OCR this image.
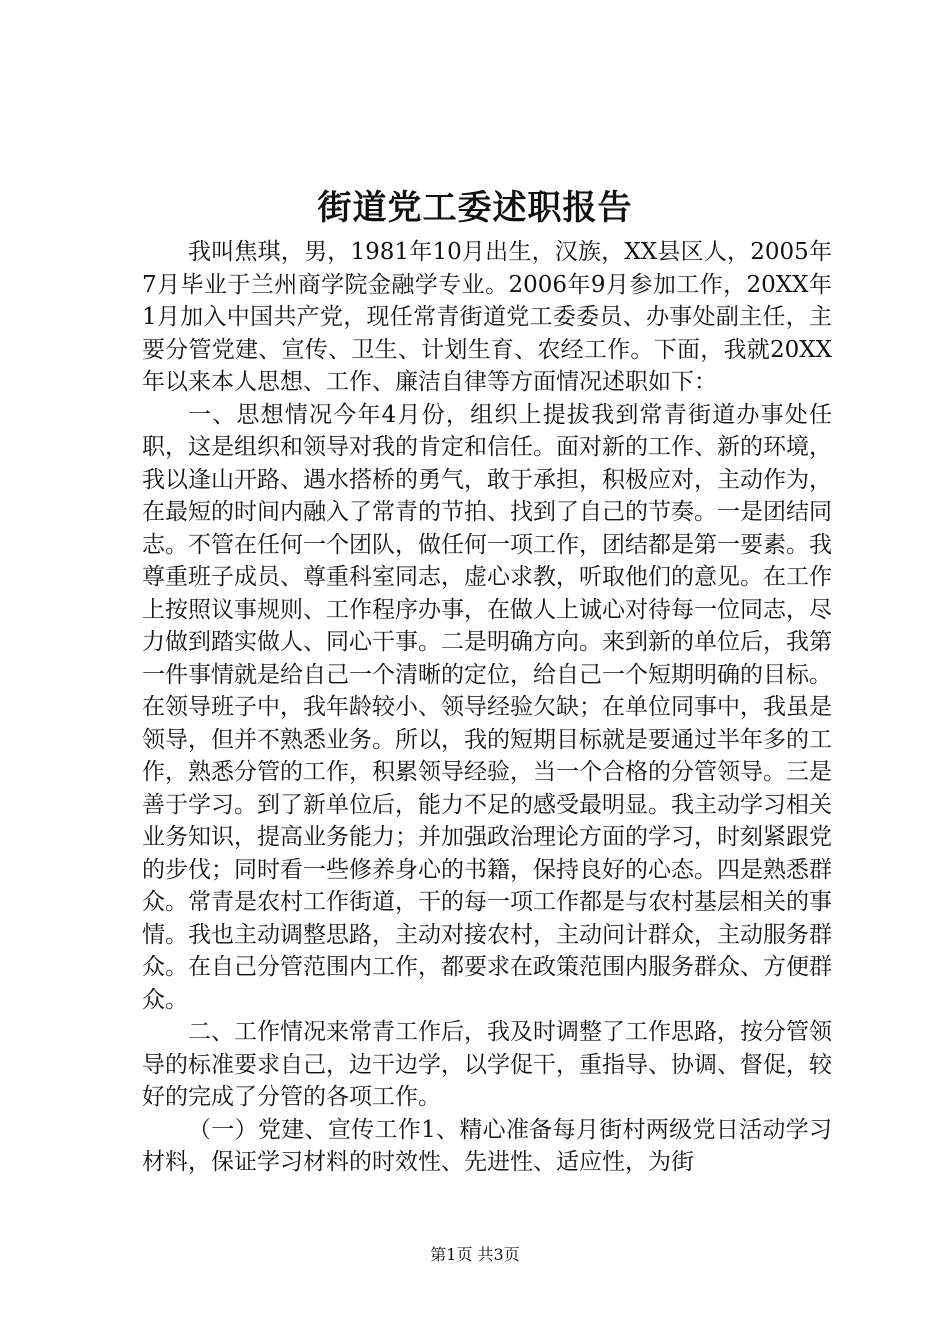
街道党工委述职报告

我叫焦琪，男，1981年10月出生，汉族，XX县区人，2005年7月毕业于兰州商学院金融学专业。2006年9月参加工作，20XX年1月加入中国共产党，现任常青街道党工委委员、办事处副主任，主要分管党建、宣传、卫生、计划生育、农经工作。下面，我就20XX年以来本人思想、工作、廉洁自律等方面情况述职如下：

一、思想情况今年4月份，组织上提拔我到常青街道办事处任职，这是组织和领导对我的肯定和信任。面对新的工作、新的环境，我以逢山开路、遇水搭桥的勇气，敢于承担，积极应对，主动作为，在最短的时间内融入了常青的节拍、找到了自己的节奏。一是团结同志。不管在任何一个团队，做任何一项工作，团结都是第一要素。我尊重班子成员、尊重科室同志，虚心求教，听取他们的意见。在工作上按照议事规则、工作程序办事，在做人上诚心对待每一位同志，尽力做到踏实做人、同心干事。二是明确方向。来到新的单位后，我第一件事情就是给自己一个清晰的定位，给自己一个短期明确的目标。在领导班子中，我年龄较小、领导经验欠缺；在单位同事中，我虽是领导，但并不熟悉业务。所以，我的短期目标就是要通过半年多的工作，熟悉分管的工作，积累领导经验，当一个合格的分管领导。三是善于学习。到了新单位后，能力不足的感受最明显。我主动学习相关业务知识，提高业务能力；并加强政治理论方面的学习，时刻紧跟党的步伐；同时看一些修养身心的书籍，保持良好的心态。四是熟悉群众。常青是农村工作街道，干的每一项工作都是与农村基层相关的事情。我也主动调整思路，主动对接农村，主动问计群众，主动服务群众。在自己分管范围内工作，都要求在政策范围内服务群众、方便群众。

二、工作情况来常青工作后，我及时调整了工作思路，按分管领导的标准要求自己，边干边学，以学促干，重指导、协调、督促，较好的完成了分管的各项工作。

（一）党建、宣传工作1、精心准备每月街村两级党日活动学习材料，保证学习材料的时效性、先进性、适应性，为街

第1页 共3页
